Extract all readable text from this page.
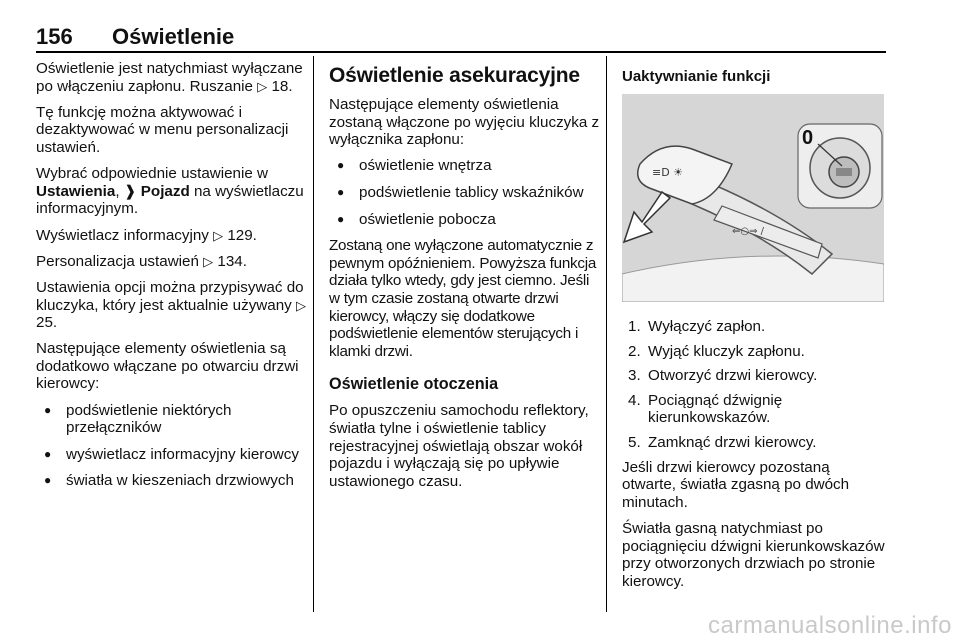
156 Oświetlenie

Oświetlenie jest natychmiast wyłączane po włączeniu zapłonu. Ruszanie ▷ 18.

Tę funkcję można aktywować i dezaktywować w menu personalizacji ustawień.

Wybrać odpowiednie ustawienie w Ustawienia, ❱ Pojazd na wyświetlaczu informacyjnym.

Wyświetlacz informacyjny ▷ 129.

Personalizacja ustawień ▷ 134.

Ustawienia opcji można przypisywać do kluczyka, który jest aktualnie używany ▷ 25.

Następujące elementy oświetlenia są dodatkowo włączane po otwarciu drzwi kierowcy:

● podświetlenie niektórych przełączników
● wyświetlacz informacyjny kierowcy
● światła w kieszeniach drzwiowych
Oświetlenie asekuracyjne

Następujące elementy oświetlenia zostaną włączone po wyjęciu kluczyka z wyłącznika zapłonu:

● oświetlenie wnętrza
● podświetlenie tablicy wskaźników
● oświetlenie pobocza

Zostaną one wyłączone automatycznie z pewnym opóźnieniem. Powyższa funkcja działa tylko wtedy, gdy jest ciemno. Jeśli w tym czasie zostaną otwarte drzwi kierowcy, włączy się dodatkowe podświetlenie elementów sterujących i klamki drzwi.

Oświetlenie otoczenia

Po opuszczeniu samochodu reflektory, światła tylne i oświetlenie tablicy rejestracyjnej oświetlają obszar wokół pojazdu i wyłączają się po upływie ustawionego czasu.

Uaktywnianie funkcji
≡D ☀
⇐○⇒ /
0
1. Wyłączyć zapłon.
2. Wyjąć kluczyk zapłonu.
3. Otworzyć drzwi kierowcy.
4. Pociągnąć dźwignię kierunkowskazów.
5. Zamknąć drzwi kierowcy.

Jeśli drzwi kierowcy pozostaną otwarte, światła zgasną po dwóch minutach.

Światła gasną natychmiast po pociągnięciu dźwigni kierunkowskazów przy otworzonych drzwiach po stronie kierowcy.

carmanualsonline.info
